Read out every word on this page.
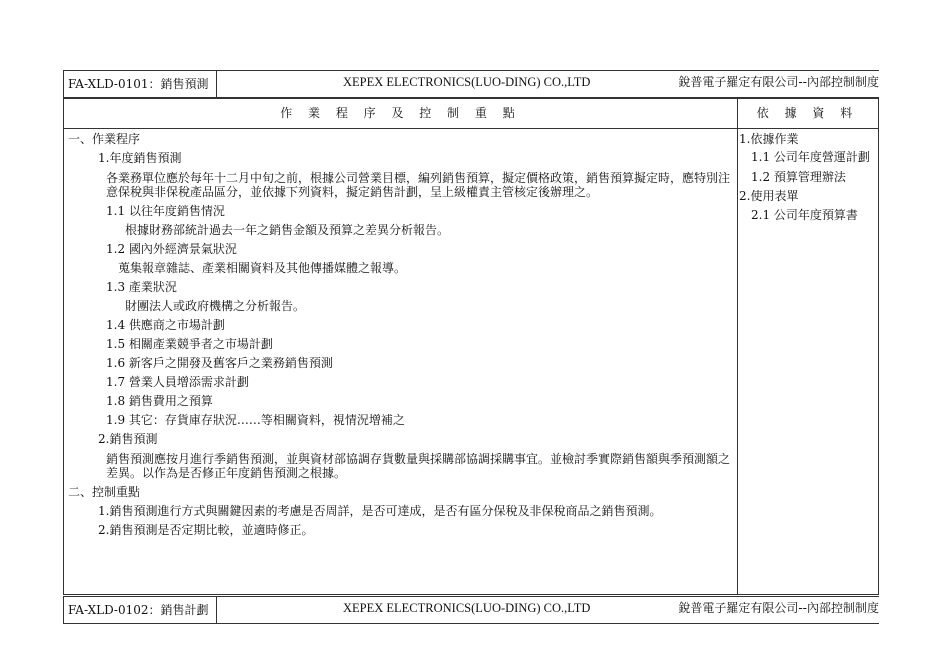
FA-XLD-0101：銷售預測	XEPEX ELECTRONICS(LUO-DING) CO.,LTD	銳普電子羅定有限公司--內部控制制度
作 業 程 序 及 控 制 重 點	依 據 資 料
一、作業程序
1.年度銷售預測
各業務單位應於每年十二月中旬之前，根據公司營業目標，編列銷售預算，擬定價格政策，銷售預算擬定時，應特別注意保稅與非保稅產品區分，並依據下列資料，擬定銷售計劃，呈上級權責主管核定後辦理之。
1.1 以往年度銷售情況
根據財務部統計過去一年之銷售金額及預算之差異分析報告。
1.2 國內外經濟景氣狀況
蒐集報章雜誌、產業相關資料及其他傳播媒體之報導。
1.3 產業狀況
財團法人或政府機構之分析報告。
1.4 供應商之市場計劃
1.5 相關產業競爭者之市場計劃
1.6 新客戶之開發及舊客戶之業務銷售預測
1.7 營業人員增添需求計劃
1.8 銷售費用之預算
1.9 其它：存貨庫存狀況……等相關資料，視情況增補之
2.銷售預測
銷售預測應按月進行季銷售預測，並與資材部協調存貨數量與採購部協調採購事宜。並檢討季實際銷售額與季預測額之差異。以作為是否修正年度銷售預測之根據。
二、控制重點
1.銷售預測進行方式與關鍵因素的考慮是否周詳，是否可達成，是否有區分保稅及非保稅商品之銷售預測。
2.銷售預測是否定期比較，並適時修正。
1.依據作業
1.1 公司年度營運計劃
1.2 預算管理辦法
2.使用表單
2.1 公司年度預算書
FA-XLD-0102：銷售計劃	XEPEX ELECTRONICS(LUO-DING) CO.,LTD	銳普電子羅定有限公司--內部控制制度
